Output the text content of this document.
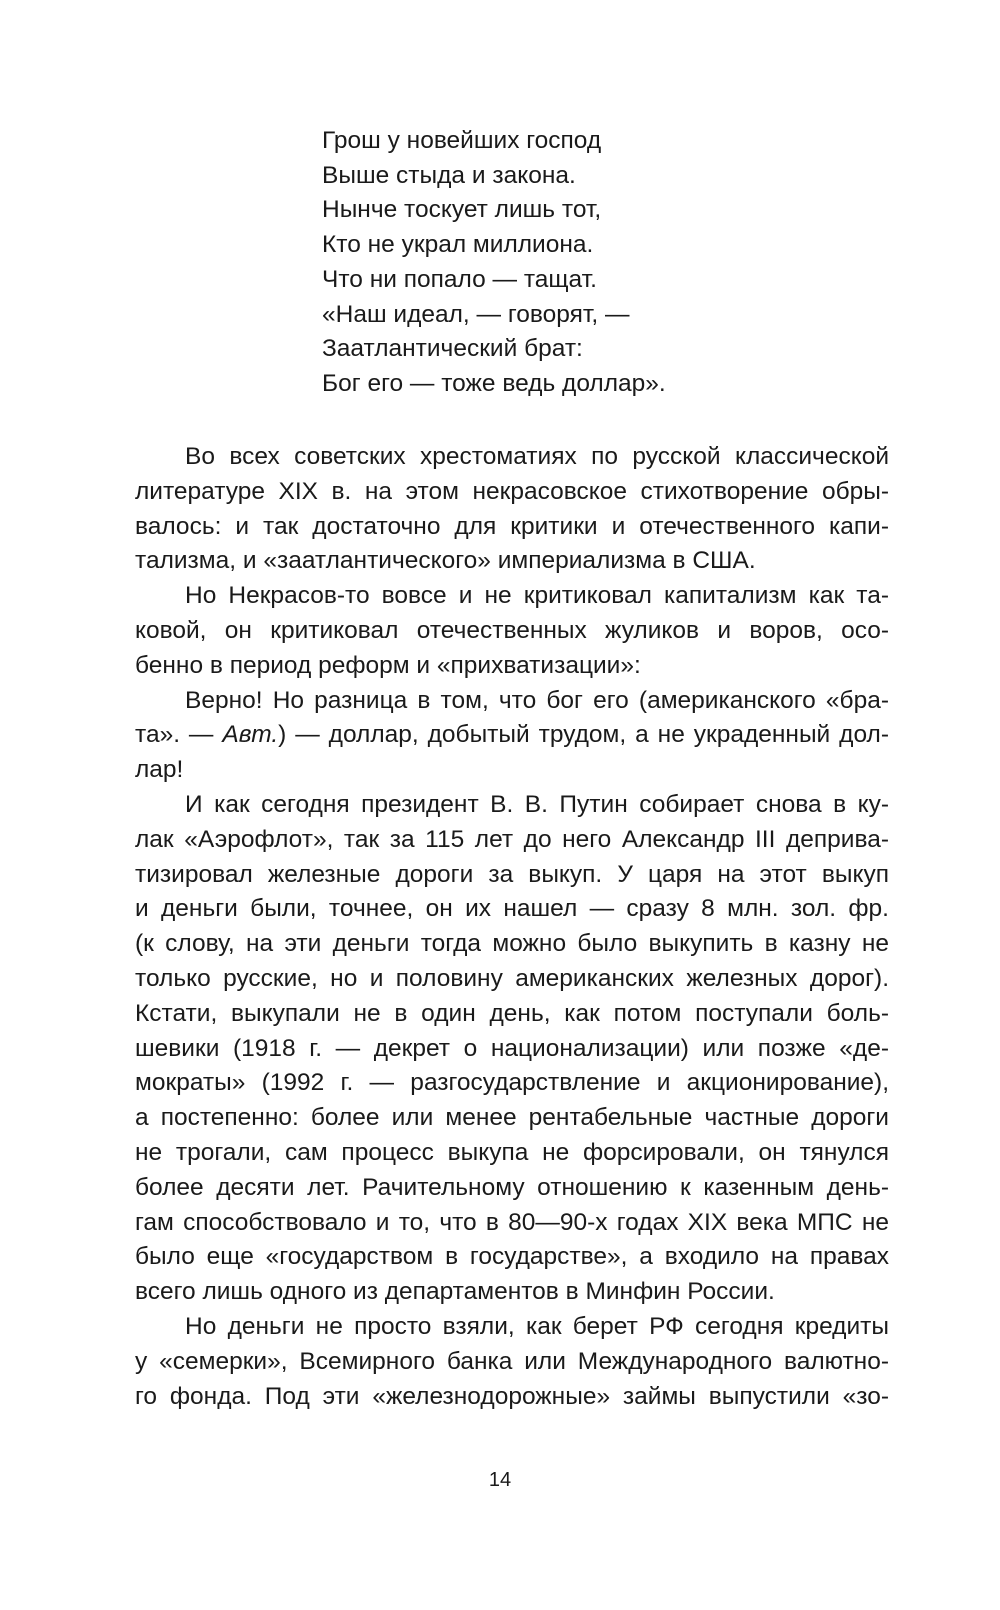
Грош у новейших господ
Выше стыда и закона.
Нынче тоскует лишь тот,
Кто не украл миллиона.
Что ни попало — тащат.
«Наш идеал, — говорят, —
Заатлантический брат:
Бог его — тоже ведь доллар».
Во всех советских хрестоматиях по русской классической
литературе XIX в. на этом некрасовское стихотворение обры-
валось: и так достаточно для критики и отечественного капи-
тализма, и «заатлантического» империализма в США.
Но Некрасов-то вовсе и не критиковал капитализм как та-
ковой, он критиковал отечественных жуликов и воров, осо-
бенно в период реформ и «прихватизации»:
Верно! Но разница в том, что бог его (американского «бра-
та». — Авт.) — доллар, добытый трудом, а не украденный дол-
лар!
И как сегодня президент В. В. Путин собирает снова в ку-
лак «Аэрофлот», так за 115 лет до него Александр III деприва-
тизировал железные дороги за выкуп. У царя на этот выкуп
и деньги были, точнее, он их нашел — сразу 8 млн. зол. фр.
(к слову, на эти деньги тогда можно было выкупить в казну не
только русские, но и половину американских железных дорог).
Кстати, выкупали не в один день, как потом поступали боль-
шевики (1918 г. — декрет о национализации) или позже «де-
мократы» (1992 г. — разгосударствление и акционирование),
а постепенно: более или менее рентабельные частные дороги
не трогали, сам процесс выкупа не форсировали, он тянулся
более десяти лет. Рачительному отношению к казенным день-
гам способствовало и то, что в 80—90-х годах XIX века МПС не
было еще «государством в государстве», а входило на правах
всего лишь одного из департаментов в Минфин России.
Но деньги не просто взяли, как берет РФ сегодня кредиты
у «семерки», Всемирного банка или Международного валютно-
го фонда. Под эти «железнодорожные» займы выпустили «зо-
14
